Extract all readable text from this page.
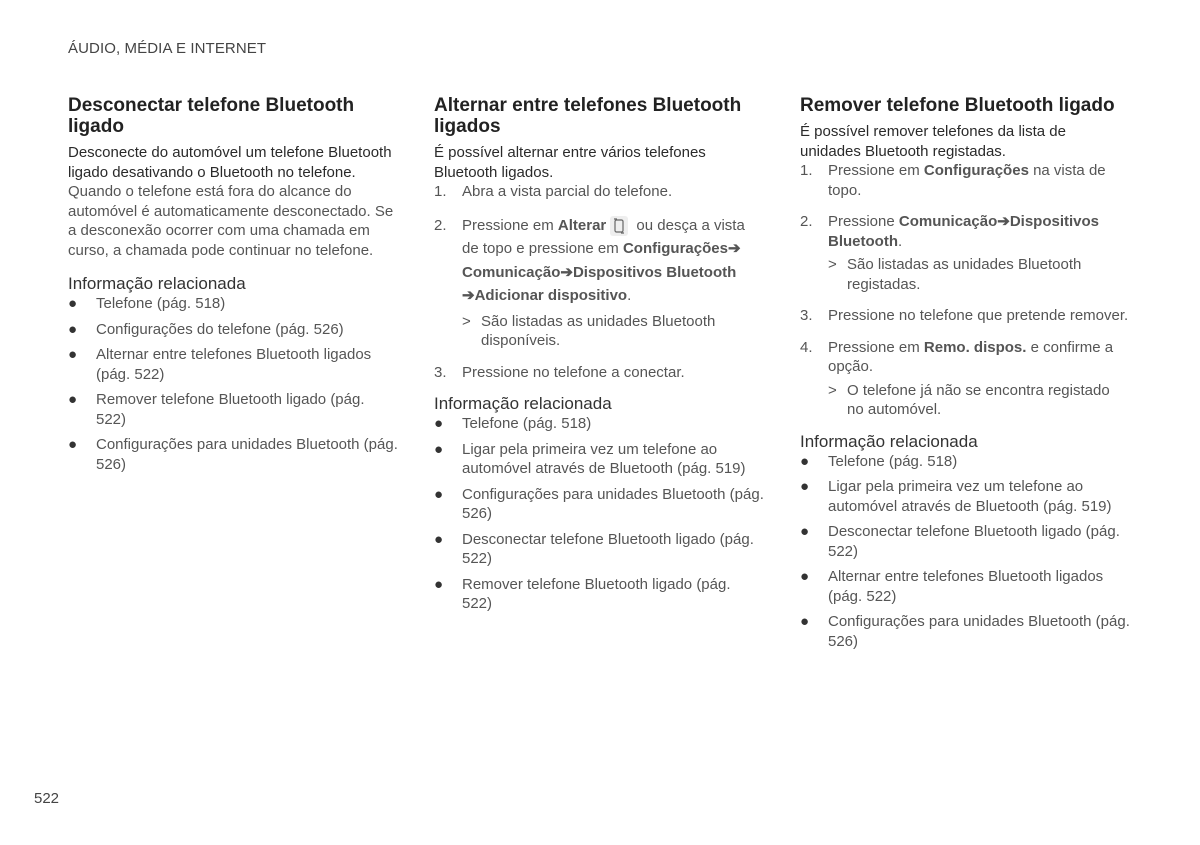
ÁUDIO, MÉDIA E INTERNET
Desconectar telefone Bluetooth ligado

Desconecte do automóvel um telefone Bluetooth ligado desativando o Bluetooth no telefone.

Quando o telefone está fora do alcance do automóvel é automaticamente desconectado. Se a desconexão ocorrer com uma chamada em curso, a chamada pode continuar no telefone.

Informação relacionada
● Telefone (pág. 518)
● Configurações do telefone (pág. 526)
● Alternar entre telefones Bluetooth ligados (pág. 522)
● Remover telefone Bluetooth ligado (pág. 522)
● Configurações para unidades Bluetooth (pág. 526)
Alternar entre telefones Bluetooth ligados

É possível alternar entre vários telefones Bluetooth ligados.

1. Abra a vista parcial do telefone.
2. Pressione em Alterar ou desça a vista de topo e pressione em Configurações➔ Comunicação➔Dispositivos Bluetooth ➔Adicionar dispositivo.
> São listadas as unidades Bluetooth disponíveis.
3. Pressione no telefone a conectar.
Informação relacionada
● Telefone (pág. 518)
● Ligar pela primeira vez um telefone ao automóvel através de Bluetooth (pág. 519)
● Configurações para unidades Bluetooth (pág. 526)
● Desconectar telefone Bluetooth ligado (pág. 522)
● Remover telefone Bluetooth ligado (pág. 522)
Remover telefone Bluetooth ligado

É possível remover telefones da lista de unidades Bluetooth registadas.

1. Pressione em Configurações na vista de topo.
2. Pressione Comunicação➔Dispositivos Bluetooth.
> São listadas as unidades Bluetooth registadas.
3. Pressione no telefone que pretende remover.
4. Pressione em Remo. dispos. e confirme a opção.
> O telefone já não se encontra registado no automóvel.
Informação relacionada
● Telefone (pág. 518)
● Ligar pela primeira vez um telefone ao automóvel através de Bluetooth (pág. 519)
● Desconectar telefone Bluetooth ligado (pág. 522)
● Alternar entre telefones Bluetooth ligados (pág. 522)
● Configurações para unidades Bluetooth (pág. 526)
522
